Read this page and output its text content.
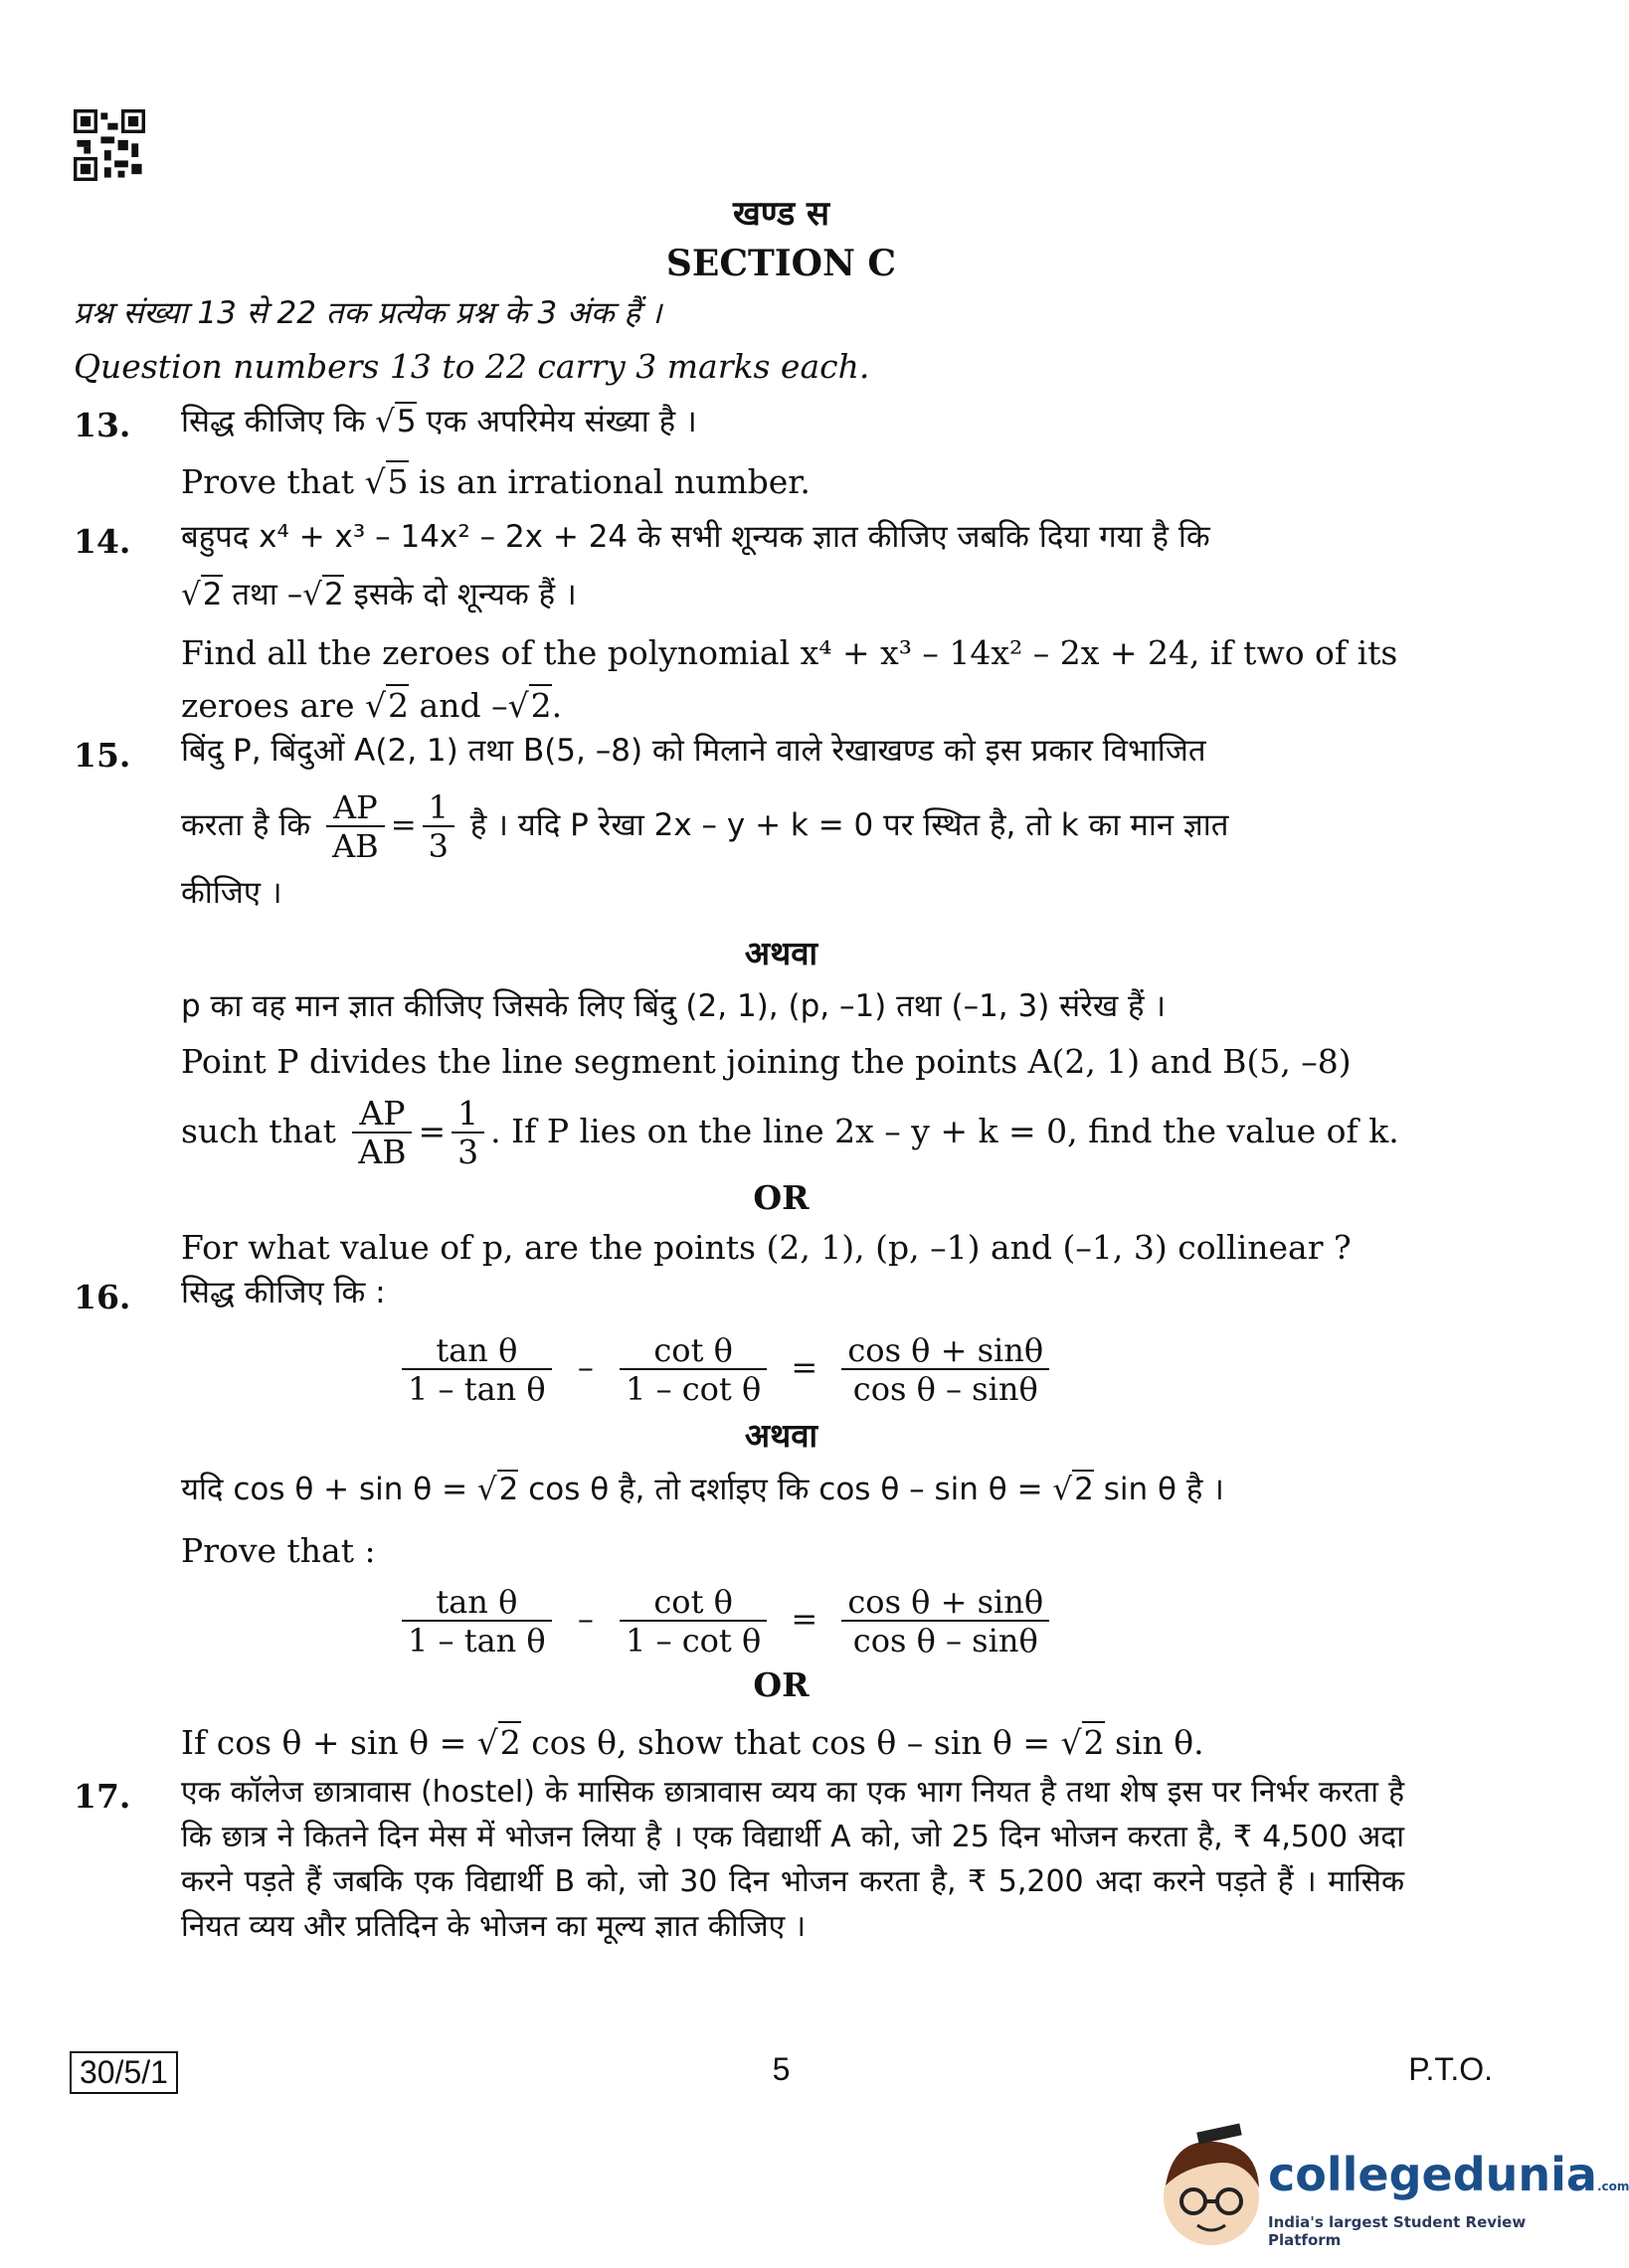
खण्ड स
SECTION C
प्रश्न संख्या 13 से 22 तक प्रत्येक प्रश्न के 3 अंक हैं ।
Question numbers 13 to 22 carry 3 marks each.
13. सिद्ध कीजिए कि √5 एक अपरिमेय संख्या है ।
Prove that √5 is an irrational number.
14. बहुपद x⁴ + x³ – 14x² – 2x + 24 के सभी शून्यक ज्ञात कीजिए जबकि दिया गया है कि
√2 तथा –√2 इसके दो शून्यक हैं ।
Find all the zeroes of the polynomial x⁴ + x³ – 14x² – 2x + 24, if two of its
zeroes are √2 and –√2.
15. बिंदु P, बिंदुओं A(2, 1) तथा B(5, –8) को मिलाने वाले रेखाखण्ड को इस प्रकार विभाजित
करता है कि $\frac{AP}{AB} = \frac{1}{3}$ है । यदि P रेखा 2x – y + k = 0 पर स्थित है, तो k का मान ज्ञात
कीजिए ।
अथवा
p का वह मान ज्ञात कीजिए जिसके लिए बिंदु (2, 1), (p, –1) तथा (–1, 3) संरेख हैं ।
Point P divides the line segment joining the points A(2, 1) and B(5, –8)
such that $\frac{AP}{AB} = \frac{1}{3}$ . If P lies on the line 2x – y + k = 0, find the value of k.
OR
For what value of p, are the points (2, 1), (p, –1) and (–1, 3) collinear ?
16. सिद्ध कीजिए कि :
$\frac{\text{tan θ}}{\text{1 – tan θ}} - \frac{\text{cot θ}}{\text{1 – cot θ}} = \frac{\text{cos θ + sinθ}}{\text{cos θ – sinθ}}$
अथवा
यदि cos θ + sin θ = √2 cos θ है, तो दर्शाइए कि cos θ – sin θ = √2 sin θ है ।
Prove that :
$\frac{\text{tan θ}}{\text{1 – tan θ}} - \frac{\text{cot θ}}{\text{1 – cot θ}} = \frac{\text{cos θ + sinθ}}{\text{cos θ – sinθ}}$
OR
If cos θ + sin θ = √2 cos θ, show that cos θ – sin θ = √2 sin θ.
17. एक कॉलेज छात्रावास (hostel) के मासिक छात्रावास व्यय का एक भाग नियत है तथा शेष इस पर निर्भर करता है कि छात्र ने कितने दिन मेस में भोजन लिया है । एक विद्यार्थी A को, जो 25 दिन भोजन करता है, ₹ 4,500 अदा करने पड़ते हैं जबकि एक विद्यार्थी B को, जो 30 दिन भोजन करता है, ₹ 5,200 अदा करने पड़ते हैं । मासिक नियत व्यय और प्रतिदिन के भोजन का मूल्य ज्ञात कीजिए ।
30/5/1	5	P.T.O.
collegedunia.com
India's largest Student Review Platform
